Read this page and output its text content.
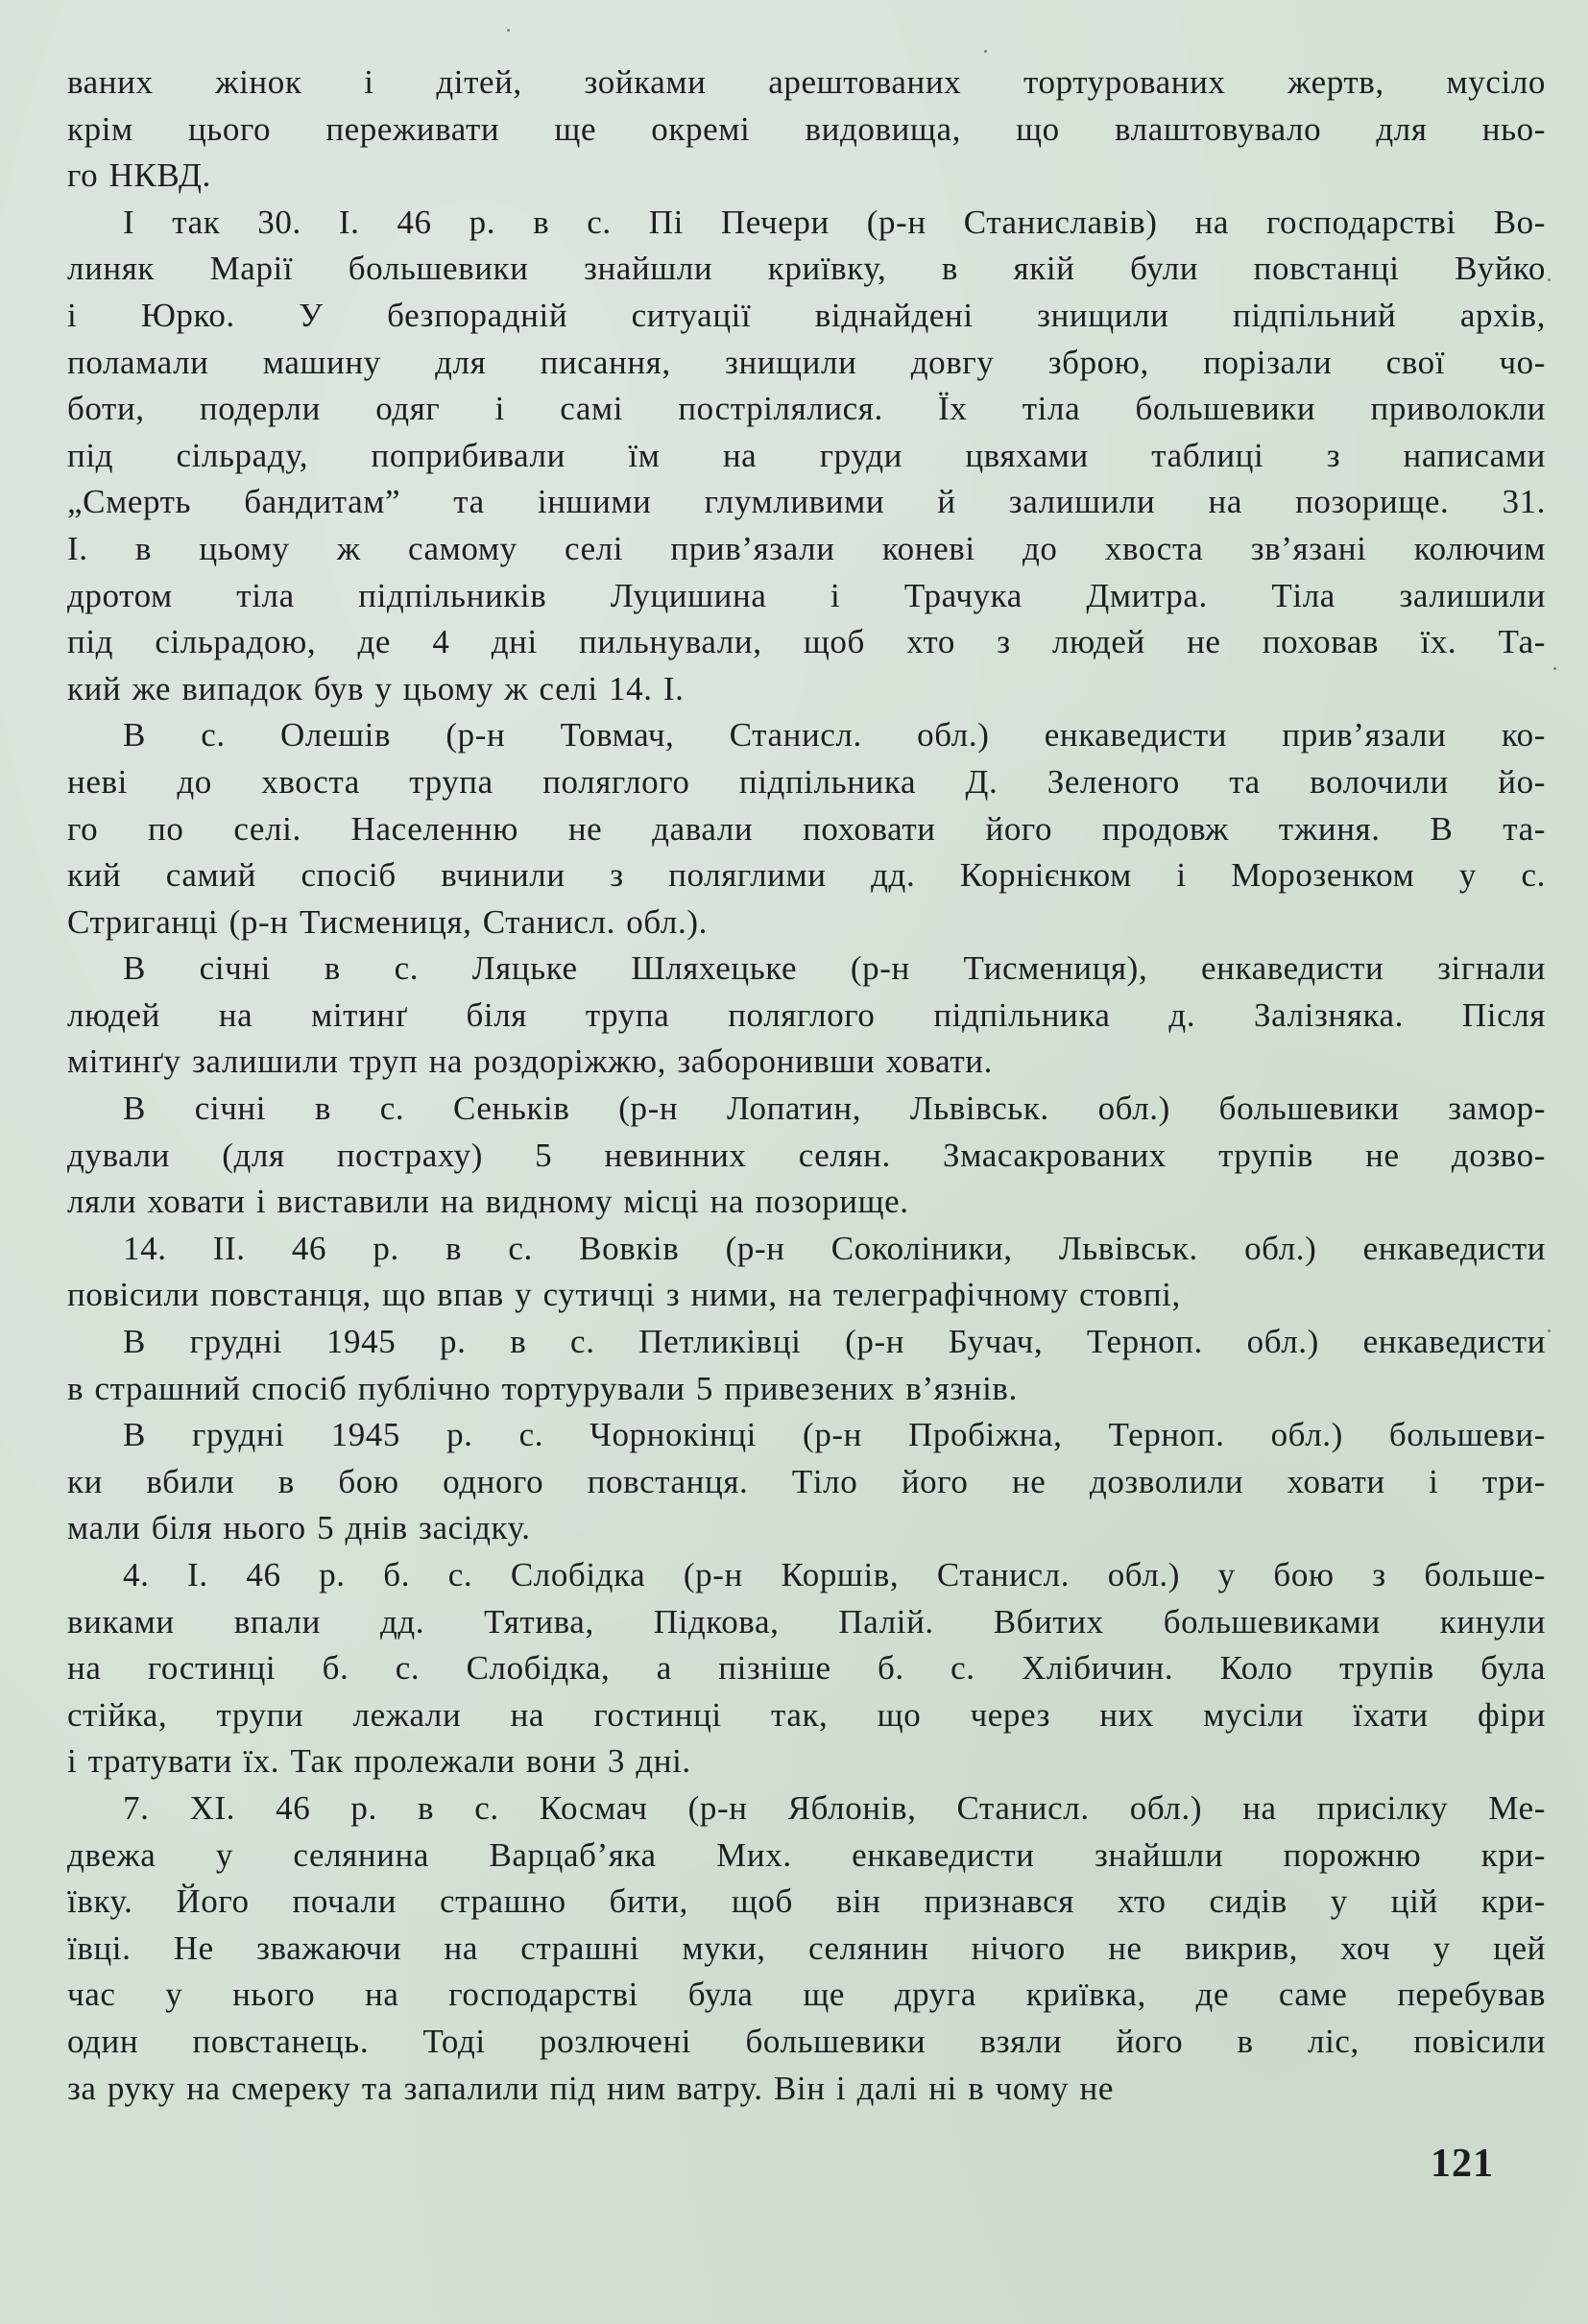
ваних жінок і дітей, зойками арештованих тортурованих жертв, мусіло
крім цього переживати ще окремі видовища, що влаштовувало для ньо-
го НКВД.

І так 30. І. 46 р. в с. Пі Печери (р-н Станиславів) на господарстві Во-
линяк Марії большевики знайшли криївку, в якій були повстанці Вуйко
і Юрко. У безпорадній ситуації віднайдені знищили підпільний архів,
поламали машину для писання, знищили довгу зброю, порізали свої чо-
боти, подерли одяг і самі пострілялися. Їх тіла большевики приволокли
під сільраду, поприбивали їм на груди цвяхами таблиці з написами
„Смерть бандитам” та іншими глумливими й залишили на позорище. 31.
І. в цьому ж самому селі прив’язали коневі до хвоста зв’язані колючим
дротом тіла підпільників Луцишина і Трачука Дмитра. Тіла залишили
під сільрадою, де 4 дні пильнували, щоб хто з людей не поховав їх. Та-
кий же випадок був у цьому ж селі 14. І.

В с. Олешів (р-н Товмач, Станисл. обл.) енкаведисти прив’язали ко-
неві до хвоста трупа поляглого підпільника Д. Зеленого та волочили йо-
го по селі. Населенню не давали поховати його продовж тжиня. В та-
кий самий спосіб вчинили з поляглими дд. Корнієнком і Морозенком у с.
Стриганці (р-н Тисмениця, Станисл. обл.).

В січні в с. Ляцьке Шляхецьке (р-н Тисмениця), енкаведисти зігнали
людей на мітинґ біля трупа поляглого підпільника д. Залізняка. Після
мітинґу залишили труп на роздоріжжю, заборонивши ховати.

В січні в с. Сеньків (р-н Лопатин, Львівськ. обл.) большевики замор-
дували (для постраху) 5 невинних селян. Змасакрованих трупів не дозво-
ляли ховати і виставили на видному місці на позорище.

14. II. 46 р. в с. Вовків (р-н Соколіники, Львівськ. обл.) енкаведисти
повісили повстанця, що впав у сутичці з ними, на телеграфічному стовпі,

В грудні 1945 р. в с. Петликівці (р-н Бучач, Терноп. обл.) енкаведисти
в страшний спосіб публічно тортурували 5 привезених в’язнів.

В грудні 1945 р. с. Чорнокінці (р-н Пробіжна, Терноп. обл.) большеви-
ки вбили в бою одного повстанця. Тіло його не дозволили ховати і три-
мали біля нього 5 днів засідку.

4. І. 46 р. б. с. Слобідка (р-н Коршів, Станисл. обл.) у бою з больше-
виками впали дд. Тятива, Підкова, Палій. Вбитих большевиками кинули
на гостинці б. с. Слобідка, а пізніше б. с. Хлібичин. Коло трупів була
стійка, трупи лежали на гостинці так, що через них мусіли їхати фіри
і тратувати їх. Так пролежали вони 3 дні.

7. XI. 46 р. в с. Космач (р-н Яблонів, Станисл. обл.) на присілку Ме-
двежа у селянина Варцаб’яка Мих. енкаведисти знайшли порожню кри-
ївку. Його почали страшно бити, щоб він признався хто сидів у цій кри-
ївці. Не зважаючи на страшні муки, селянин нічого не викрив, хоч у цей
час у нього на господарстві була ще друга криївка, де саме перебував
один повстанець. Тоді розлючені большевики взяли його в ліс, повісили
за руку на смереку та запалили під ним ватру. Він і далі ні в чому не

121
